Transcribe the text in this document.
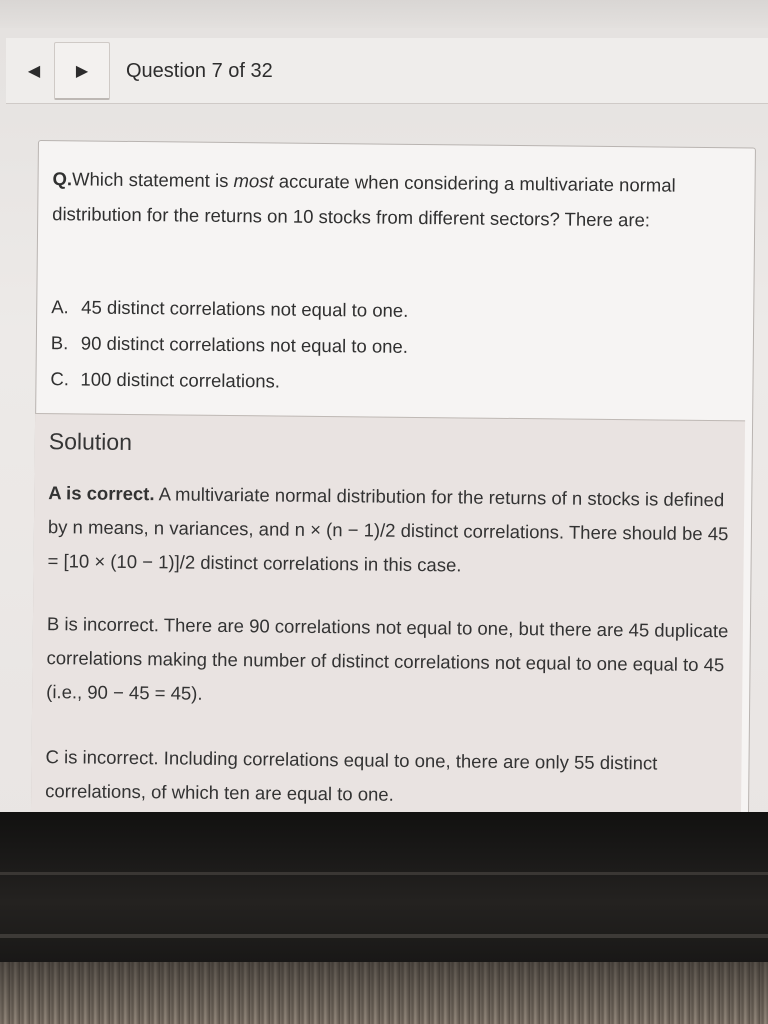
◀ ▶ Question 7 of 32
Q.Which statement is most accurate when considering a multivariate normal distribution for the returns on 10 stocks from different sectors? There are:
A. 45 distinct correlations not equal to one.
B. 90 distinct correlations not equal to one.
C. 100 distinct correlations.
Solution

A is correct. A multivariate normal distribution for the returns of n stocks is defined by n means, n variances, and n × (n − 1)/2 distinct correlations. There should be 45 = [10 × (10 − 1)]/2 distinct correlations in this case.

B is incorrect. There are 90 correlations not equal to one, but there are 45 duplicate correlations making the number of distinct correlations not equal to one equal to 45 (i.e., 90 − 45 = 45).

C is incorrect. Including correlations equal to one, there are only 55 distinct correlations, of which ten are equal to one.
